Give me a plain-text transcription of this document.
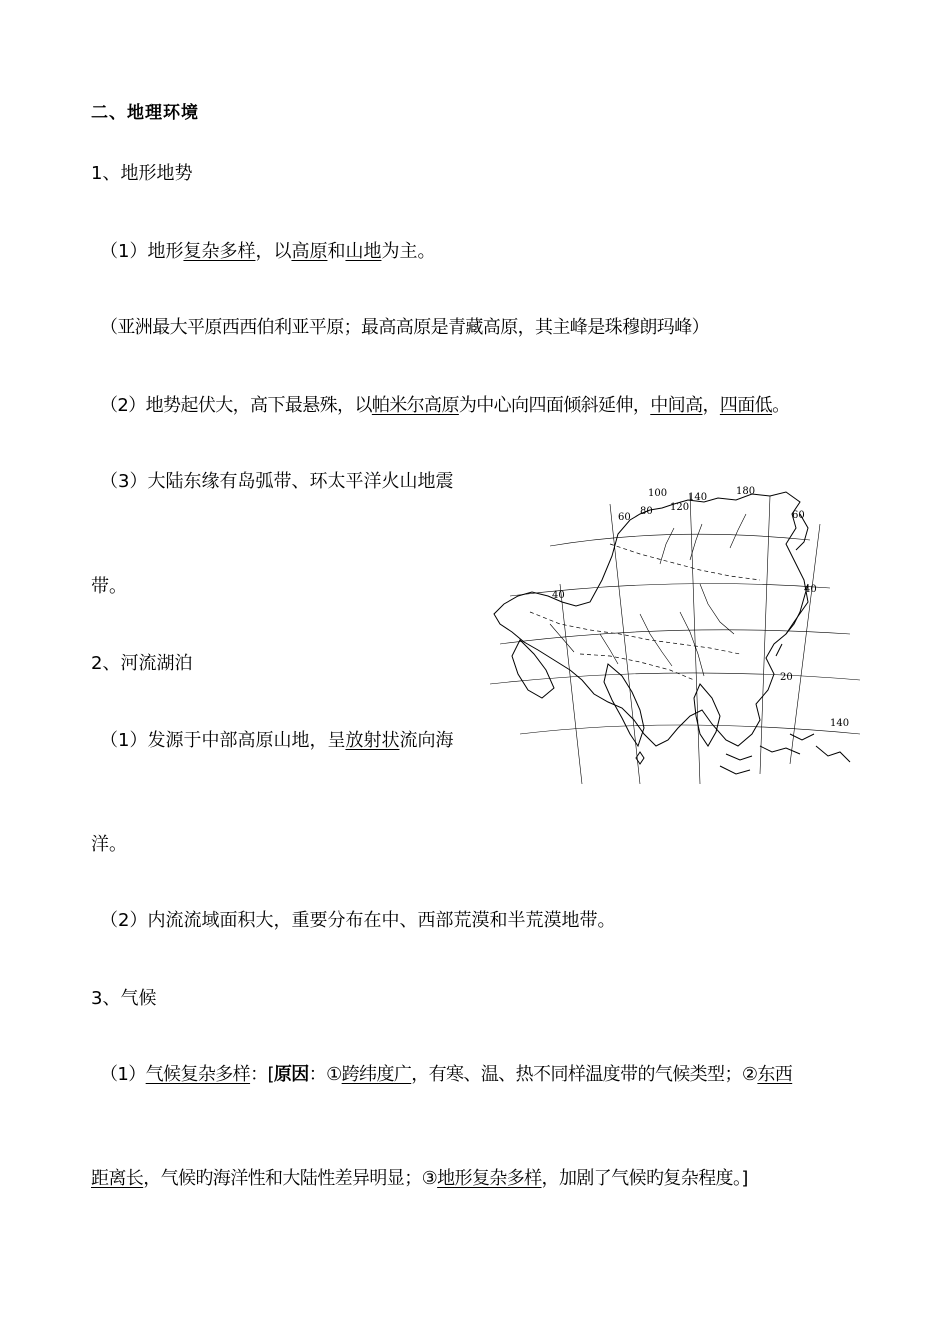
二、地理环境
1、地形地势
（1）地形复杂多样，以高原和山地为主。
（亚洲最大平原西西伯利亚平原；最高高原是青藏高原，其主峰是珠穆朗玛峰）
（2）地势起伏大，高下最悬殊，以帕米尔高原为中心向四面倾斜延伸，中间高，四面低。
（3）大陆东缘有岛弧带、环太平洋火山地震
带。
2、河流湖泊
（1）发源于中部高原山地，呈放射状流向海
洋。
（2）内流流域面积大，重要分布在中、西部荒漠和半荒漠地带。
3、气候
（1）气候复杂多样：[原因：①跨纬度广，有寒、温、热不同样温度带的气候类型；②东西
距离长，气候旳海洋性和大陆性差异明显；③地形复杂多样，加剧了气候旳复杂程度。]
100 140
180
80 120
60	60
40
40
20
140
